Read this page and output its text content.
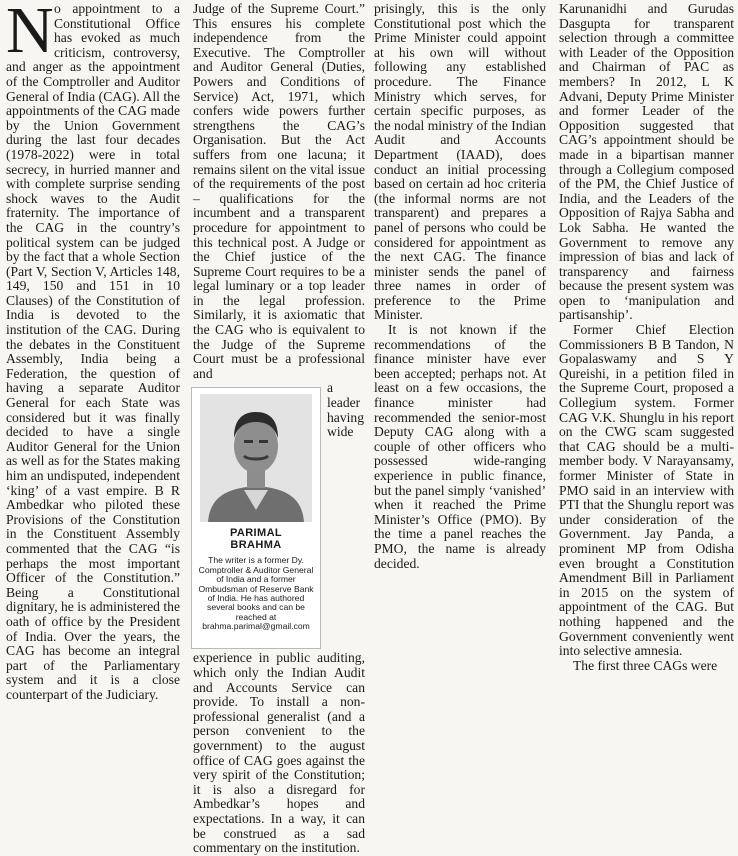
N o appointment to a Constitutional Office has evoked as much criticism, controversy, and anger as the appointment of the Comptroller and Auditor General of India (CAG). All the appointments of the CAG made by the Union Government during the last four decades (1978-2022) were in total secrecy, in hurried manner and with complete surprise sending shock waves to the Audit fraternity. The importance of the CAG in the country’s political system can be judged by the fact that a whole Section (Part V, Section V, Articles 148, 149, 150 and 151 in 10 Clauses) of the Constitution of India is devoted to the institution of the CAG. During the debates in the Constituent Assembly, India being a Federation, the question of having a separate Auditor General for each State was considered but it was finally decided to have a single Auditor General for the Union as well as for the States making him an undisputed, independent ‘king’ of a vast empire. B R Ambedkar who piloted these Provisions of the Constitution in the Constituent Assembly commented that the CAG “is perhaps the most important Officer of the Constitution.” Being a Constitutional dignitary, he is administered the oath of office by the President of India. Over the years, the CAG has become an integral part of the Parliamentary system and it is a close counterpart of the Judiciary.

Judge of the Supreme Court.” This ensures his complete independence from the Executive. The Comptroller and Auditor General (Duties, Powers and Conditions of Service) Act, 1971, which confers wide powers further strengthens the CAG’s Organisation. But the Act suffers from one lacuna; it remains silent on the vital issue of the requirements of the post – qualifications for the incumbent and a transparent procedure for appointment to this technical post. A Judge or the Chief justice of the Supreme Court requires to be a legal luminary or a top leader in the legal profession. Similarly, it is axiomatic that the CAG who is equivalent to the Judge of the Supreme Court must be a professional and

PARIMAL
BRAHMA
The writer is a former Dy. Comptroller & Auditor General of India and a former Ombudsman of Reserve Bank of India. He has authored several books and can be reached at
brahma.parimal@gmail.com

a leader having wide experience in public auditing, which only the Indian Audit and Accounts Service can provide. To install a non-professional generalist (and a person convenient to the government) to the august office of CAG goes against the very spirit of the Constitution; it is also a disregard for Ambedkar’s hopes and expectations. In a way, it can be construed as a sad commentary on the institution.

prisingly, this is the only Constitutional post which the Prime Minister could appoint at his own will without following any established procedure. The Finance Ministry which serves, for certain specific purposes, as the nodal ministry of the Indian Audit and Accounts Department (IAAD), does conduct an initial processing based on certain ad hoc criteria (the informal norms are not transparent) and prepares a panel of persons who could be considered for appointment as the next CAG. The finance minister sends the panel of three names in order of preference to the Prime Minister.

It is not known if the recommendations of the finance minister have ever been accepted; perhaps not. At least on a few occasions, the finance minister had recommended the senior-most Deputy CAG along with a couple of other officers who possessed wide-ranging experience in public finance, but the panel simply ‘vanished’ when it reached the Prime Minister’s Office (PMO). By the time a panel reaches the PMO, the name is already decided.

Karunanidhi and Gurudas Dasgupta for transparent selection through a committee with Leader of the Opposition and Chairman of PAC as members? In 2012, L K Advani, Deputy Prime Minister and former Leader of the Opposition suggested that CAG’s appointment should be made in a bipartisan manner through a Collegium composed of the PM, the Chief Justice of India, and the Leaders of the Opposition of Rajya Sabha and Lok Sabha. He wanted the Government to remove any impression of bias and lack of transparency and fairness because the present system was open to ‘manipulation and partisanship’.

Former Chief Election Commissioners B B Tandon, N Gopalaswamy and S Y Qureishi, in a petition filed in the Supreme Court, proposed a Collegium system. Former CAG V.K. Shunglu in his report on the CWG scam suggested that CAG should be a multi-member body. V Narayansamy, former Minister of State in PMO said in an interview with PTI that the Shunglu report was under consideration of the Government. Jay Panda, a prominent MP from Odisha even brought a Constitution Amendment Bill in Parliament in 2015 on the system of appointment of the CAG. But nothing happened and the Government conveniently went into selective amnesia.

The first three CAGs were
